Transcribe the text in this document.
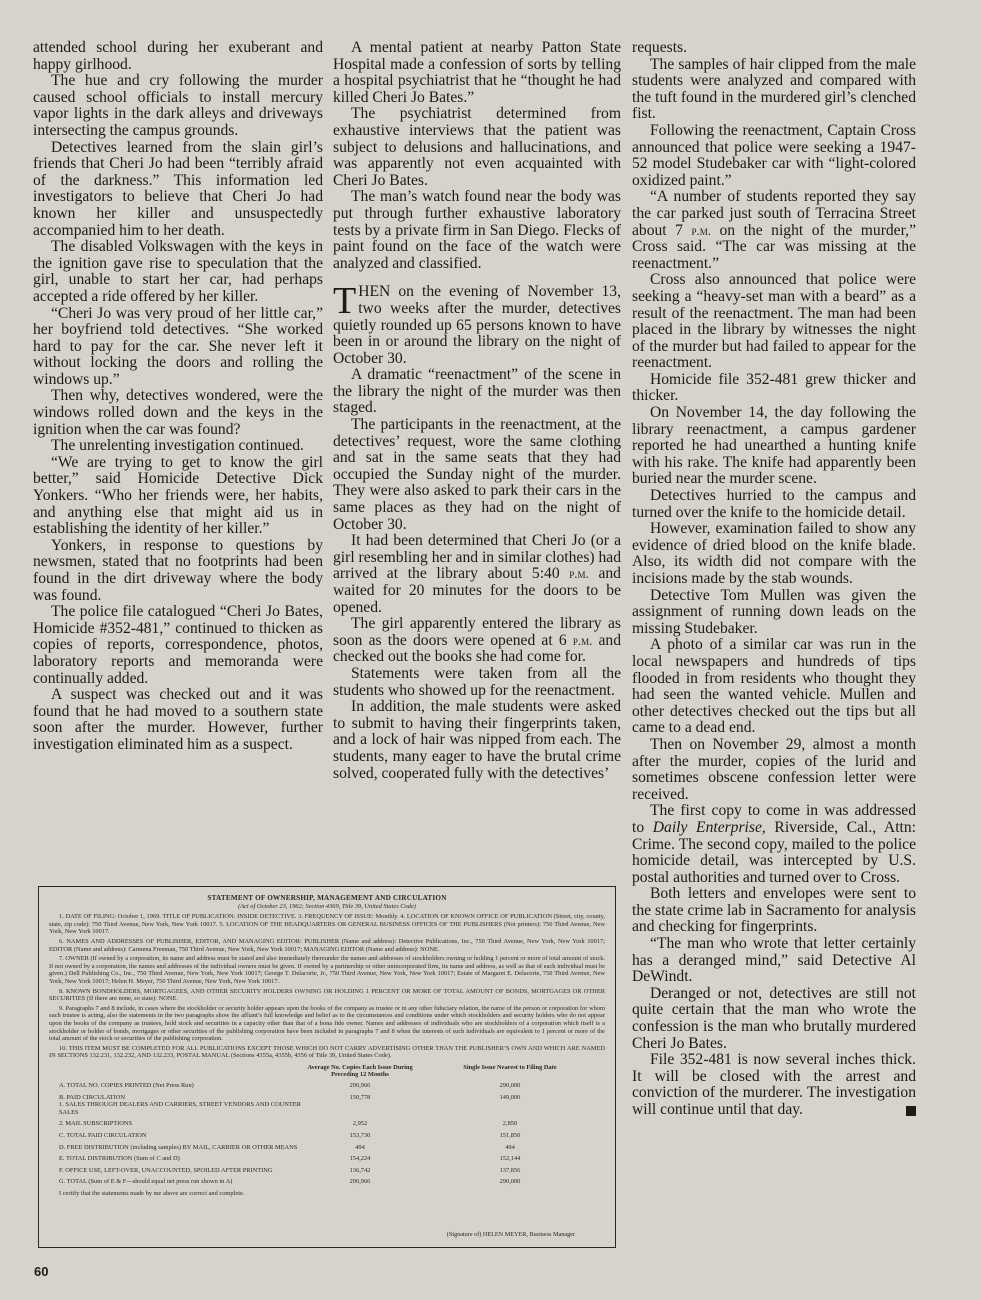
attended school during her exuberant and happy girlhood.

The hue and cry following the murder caused school officials to install mercury vapor lights in the dark alleys and driveways intersecting the campus grounds.

Detectives learned from the slain girl’s friends that Cheri Jo had been “terribly afraid of the darkness.” This information led investigators to believe that Cheri Jo had known her killer and unsuspectedly accompanied him to her death.

The disabled Volkswagen with the keys in the ignition gave rise to speculation that the girl, unable to start her car, had perhaps accepted a ride offered by her killer.

“Cheri Jo was very proud of her little car,” her boyfriend told detectives. “She worked hard to pay for the car. She never left it without locking the doors and rolling the windows up.”

Then why, detectives wondered, were the windows rolled down and the keys in the ignition when the car was found?

The unrelenting investigation continued.

“We are trying to get to know the girl better,” said Homicide Detective Dick Yonkers. “Who her friends were, her habits, and anything else that might aid us in establishing the identity of her killer.”

Yonkers, in response to questions by newsmen, stated that no footprints had been found in the dirt driveway where the body was found.

The police file catalogued “Cheri Jo Bates, Homicide #352-481,” continued to thicken as copies of reports, correspondence, photos, laboratory reports and memoranda were continually added.

A suspect was checked out and it was found that he had moved to a southern state soon after the murder. However, further investigation eliminated him as a suspect.

A mental patient at nearby Patton State Hospital made a confession of sorts by telling a hospital psychiatrist that he “thought he had killed Cheri Jo Bates.”

The psychiatrist determined from exhaustive interviews that the patient was subject to delusions and hallucinations, and was apparently not even acquainted with Cheri Jo Bates.

The man’s watch found near the body was put through further exhaustive laboratory tests by a private firm in San Diego. Flecks of paint found on the face of the watch were analyzed and classified.

THEN on the evening of November 13, two weeks after the murder, detectives quietly rounded up 65 persons known to have been in or around the library on the night of October 30.

A dramatic “reenactment” of the scene in the library the night of the murder was then staged.

The participants in the reenactment, at the detectives’ request, wore the same clothing and sat in the same seats that they had occupied the Sunday night of the murder. They were also asked to park their cars in the same places as they had on the night of October 30.

It had been determined that Cheri Jo (or a girl resembling her and in similar clothes) had arrived at the library about 5:40 p.m. and waited for 20 minutes for the doors to be opened.

The girl apparently entered the library as soon as the doors were opened at 6 p.m. and checked out the books she had come for.

Statements were taken from all the students who showed up for the reenactment.

In addition, the male students were asked to submit to having their fingerprints taken, and a lock of hair was nipped from each. The students, many eager to have the brutal crime solved, cooperated fully with the detectives’

requests.

The samples of hair clipped from the male students were analyzed and compared with the tuft found in the murdered girl’s clenched fist.

Following the reenactment, Captain Cross announced that police were seeking a 1947-52 model Studebaker car with “light-colored oxidized paint.”

“A number of students reported they say the car parked just south of Terracina Street about 7 p.m. on the night of the murder,” Cross said. “The car was missing at the reenactment.”

Cross also announced that police were seeking a “heavy-set man with a beard” as a result of the reenactment. The man had been placed in the library by witnesses the night of the murder but had failed to appear for the reenactment.

Homicide file 352-481 grew thicker and thicker.

On November 14, the day following the library reenactment, a campus gardener reported he had unearthed a hunting knife with his rake. The knife had apparently been buried near the murder scene.

Detectives hurried to the campus and turned over the knife to the homicide detail.

However, examination failed to show any evidence of dried blood on the knife blade. Also, its width did not compare with the incisions made by the stab wounds.

Detective Tom Mullen was given the assignment of running down leads on the missing Studebaker.

A photo of a similar car was run in the local newspapers and hundreds of tips flooded in from residents who thought they had seen the wanted vehicle. Mullen and other detectives checked out the tips but all came to a dead end.

Then on November 29, almost a month after the murder, copies of the lurid and sometimes obscene confession letter were received.

The first copy to come in was addressed to Daily Enterprise, Riverside, Cal., Attn: Crime. The second copy, mailed to the police homicide detail, was intercepted by U.S. postal authorities and turned over to Cross.

Both letters and envelopes were sent to the state crime lab in Sacramento for analysis and checking for fingerprints.

“The man who wrote that letter certainly has a deranged mind,” said Detective Al DeWindt.

Deranged or not, detectives are still not quite certain that the man who wrote the confession is the man who brutally murdered Cheri Jo Bates.

File 352-481 is now several inches thick. It will be closed with the arrest and conviction of the murderer. The investigation will continue until that day.

STATEMENT OF OWNERSHIP, MANAGEMENT AND CIRCULATION
(Act of October 23, 1962; Section 4369, Title 39, United States Code)

1. DATE OF FILING: October 1, 1969. TITLE OF PUBLICATION: INSIDE DETECTIVE. 3. FREQUENCY OF ISSUE: Monthly. 4. LOCATION OF KNOWN OFFICE OF PUBLICATION (Street, city, county, state, zip code): 750 Third Avenue, New York, New York 10017. 5. LOCATION OF THE HEADQUARTERS OR GENERAL BUSINESS OFFICES OF THE PUBLISHERS (Not printers): 750 Third Avenue, New York, New York 10017.

6. NAMES AND ADDRESSES OF PUBLISHER, EDITOR, AND MANAGING EDITOR: PUBLISHER (Name and address): Detective Publications, Inc., 750 Third Avenue, New York, New York 10017; EDITOR (Name and address): Carmena Freeman, 750 Third Avenue, New York, New York 10017; MANAGING EDITOR (Name and address): NONE.

7. OWNER (If owned by a corporation, its name and address must be stated and also immediately thereunder the names and addresses of stockholders owning or holding 1 percent or more of total amount of stock. If not owned by a corporation, the names and addresses of the individual owners must be given. If owned by a partnership or other unincorporated firm, its name and address, as well as that of each individual must be given.) Dell Publishing Co., Inc., 750 Third Avenue, New York, New York 10017; George T. Delacorte, Jr., 750 Third Avenue, New York, New York 10017; Estate of Margaret E. Delacorte, 750 Third Avenue, New York, New York 10017; Helen H. Meyer, 750 Third Avenue, New York, New York 10017.

8. KNOWN BONDHOLDERS, MORTGAGEES, AND OTHER SECURITY HOLDERS OWNING OR HOLDING 1 PERCENT OR MORE OF TOTAL AMOUNT OF BONDS, MORTGAGES OR OTHER SECURITIES (If there are none, so state): NONE.

9. Paragraphs 7 and 8 include, in cases where the stockholder or security holder appears upon the books of the company as trustee or in any other fiduciary relation, the name of the person or corporation for whom such trustee is acting, also the statements in the two paragraphs show the affiant’s full knowledge and belief as to the circumstances and conditions under which stockholders and security holders who do not appear upon the books of the company as trustees, hold stock and securities in a capacity other than that of a bona fide owner. Names and addresses of individuals who are stockholders of a corporation which itself is a stockholder or holder of bonds, mortgages or other securities of the publishing corporation have been included in paragraphs 7 and 8 when the interests of such individuals are equivalent to 1 percent or more of the total amount of the stock or securities of the publishing corporation.

10. THIS ITEM MUST BE COMPLETED FOR ALL PUBLICATIONS EXCEPT THOSE WHICH DO NOT CARRY ADVERTISING OTHER THAN THE PUBLISHER’S OWN AND WHICH ARE NAMED IN SECTIONS 132.231, 132.232, AND 132.233, POSTAL MANUAL (Sections 4355a, 4355b, 4356 of Title 39, United States Code).

Average No. Copies Each Issue During Preceding 12 Months
Single Issue Nearest to Filing Date
A. TOTAL NO. COPIES PRINTED (Net Press Run)	290,966	290,000
B. PAID CIRCULATION
1. SALES THROUGH DEALERS AND CARRIERS, STREET VENDORS AND COUNTER SALES
150,778	149,000
2. MAIL SUBSCRIPTIONS	2,952	2,850
C. TOTAL PAID CIRCULATION	153,730	151,850
D. FREE DISTRIBUTION (including samples) BY MAIL, CARRIER OR OTHER MEANS	494	494
E. TOTAL DISTRIBUTION (Sum of C and D)	154,224	152,144
F. OFFICE USE, LEFT-OVER, UNACCOUNTED, SPOILED AFTER PRINTING	136,742	137,856
G. TOTAL (Sum of E & F—should equal net press run shown in A)	290,966	290,000
I certify that the statements made by me above are correct and complete.
(Signature of) HELEN MEYER, Business Manager
60
